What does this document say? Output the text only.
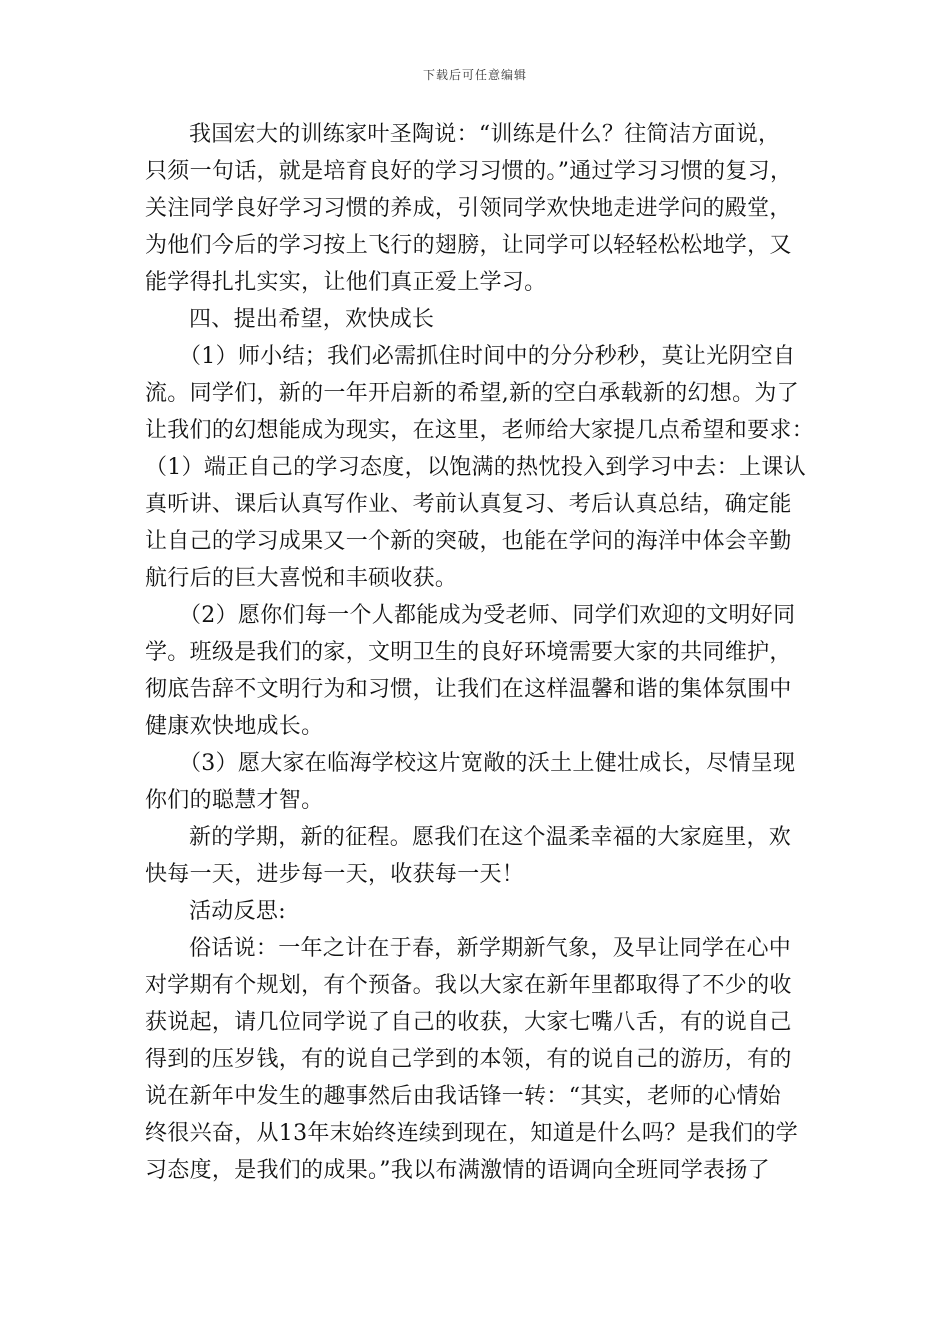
下载后可任意编辑
我国宏大的训练家叶圣陶说：“训练是什么？往简洁方面说，
只须一句话，就是培育良好的学习习惯的。”通过学习习惯的复习，
关注同学良好学习习惯的养成，引领同学欢快地走进学问的殿堂，
为他们今后的学习按上飞行的翅膀，让同学可以轻轻松松地学，又
能学得扎扎实实，让他们真正爱上学习。
四、提出希望，欢快成长
（1）师小结；我们必需抓住时间中的分分秒秒，莫让光阴空自
流。同学们，新的一年开启新的希望,新的空白承载新的幻想。为了
让我们的幻想能成为现实，在这里，老师给大家提几点希望和要求：
（1）端正自己的学习态度，以饱满的热忱投入到学习中去：上课认
真听讲、课后认真写作业、考前认真复习、考后认真总结，确定能
让自己的学习成果又一个新的突破，也能在学问的海洋中体会辛勤
航行后的巨大喜悦和丰硕收获。
（2）愿你们每一个人都能成为受老师、同学们欢迎的文明好同
学。班级是我们的家，文明卫生的良好环境需要大家的共同维护，
彻底告辞不文明行为和习惯，让我们在这样温馨和谐的集体氛围中
健康欢快地成长。
（3）愿大家在临海学校这片宽敞的沃土上健壮成长，尽情呈现
你们的聪慧才智。
新的学期，新的征程。愿我们在这个温柔幸福的大家庭里，欢
快每一天，进步每一天，收获每一天！
活动反思:
俗话说：一年之计在于春，新学期新气象，及早让同学在心中
对学期有个规划，有个预备。我以大家在新年里都取得了不少的收
获说起，请几位同学说了自己的收获，大家七嘴八舌，有的说自己
得到的压岁钱，有的说自己学到的本领，有的说自己的游历，有的
说在新年中发生的趣事然后由我话锋一转：“其实，老师的心情始
终很兴奋，从13年末始终连续到现在，知道是什么吗？是我们的学
习态度，是我们的成果。”我以布满激情的语调向全班同学表扬了
